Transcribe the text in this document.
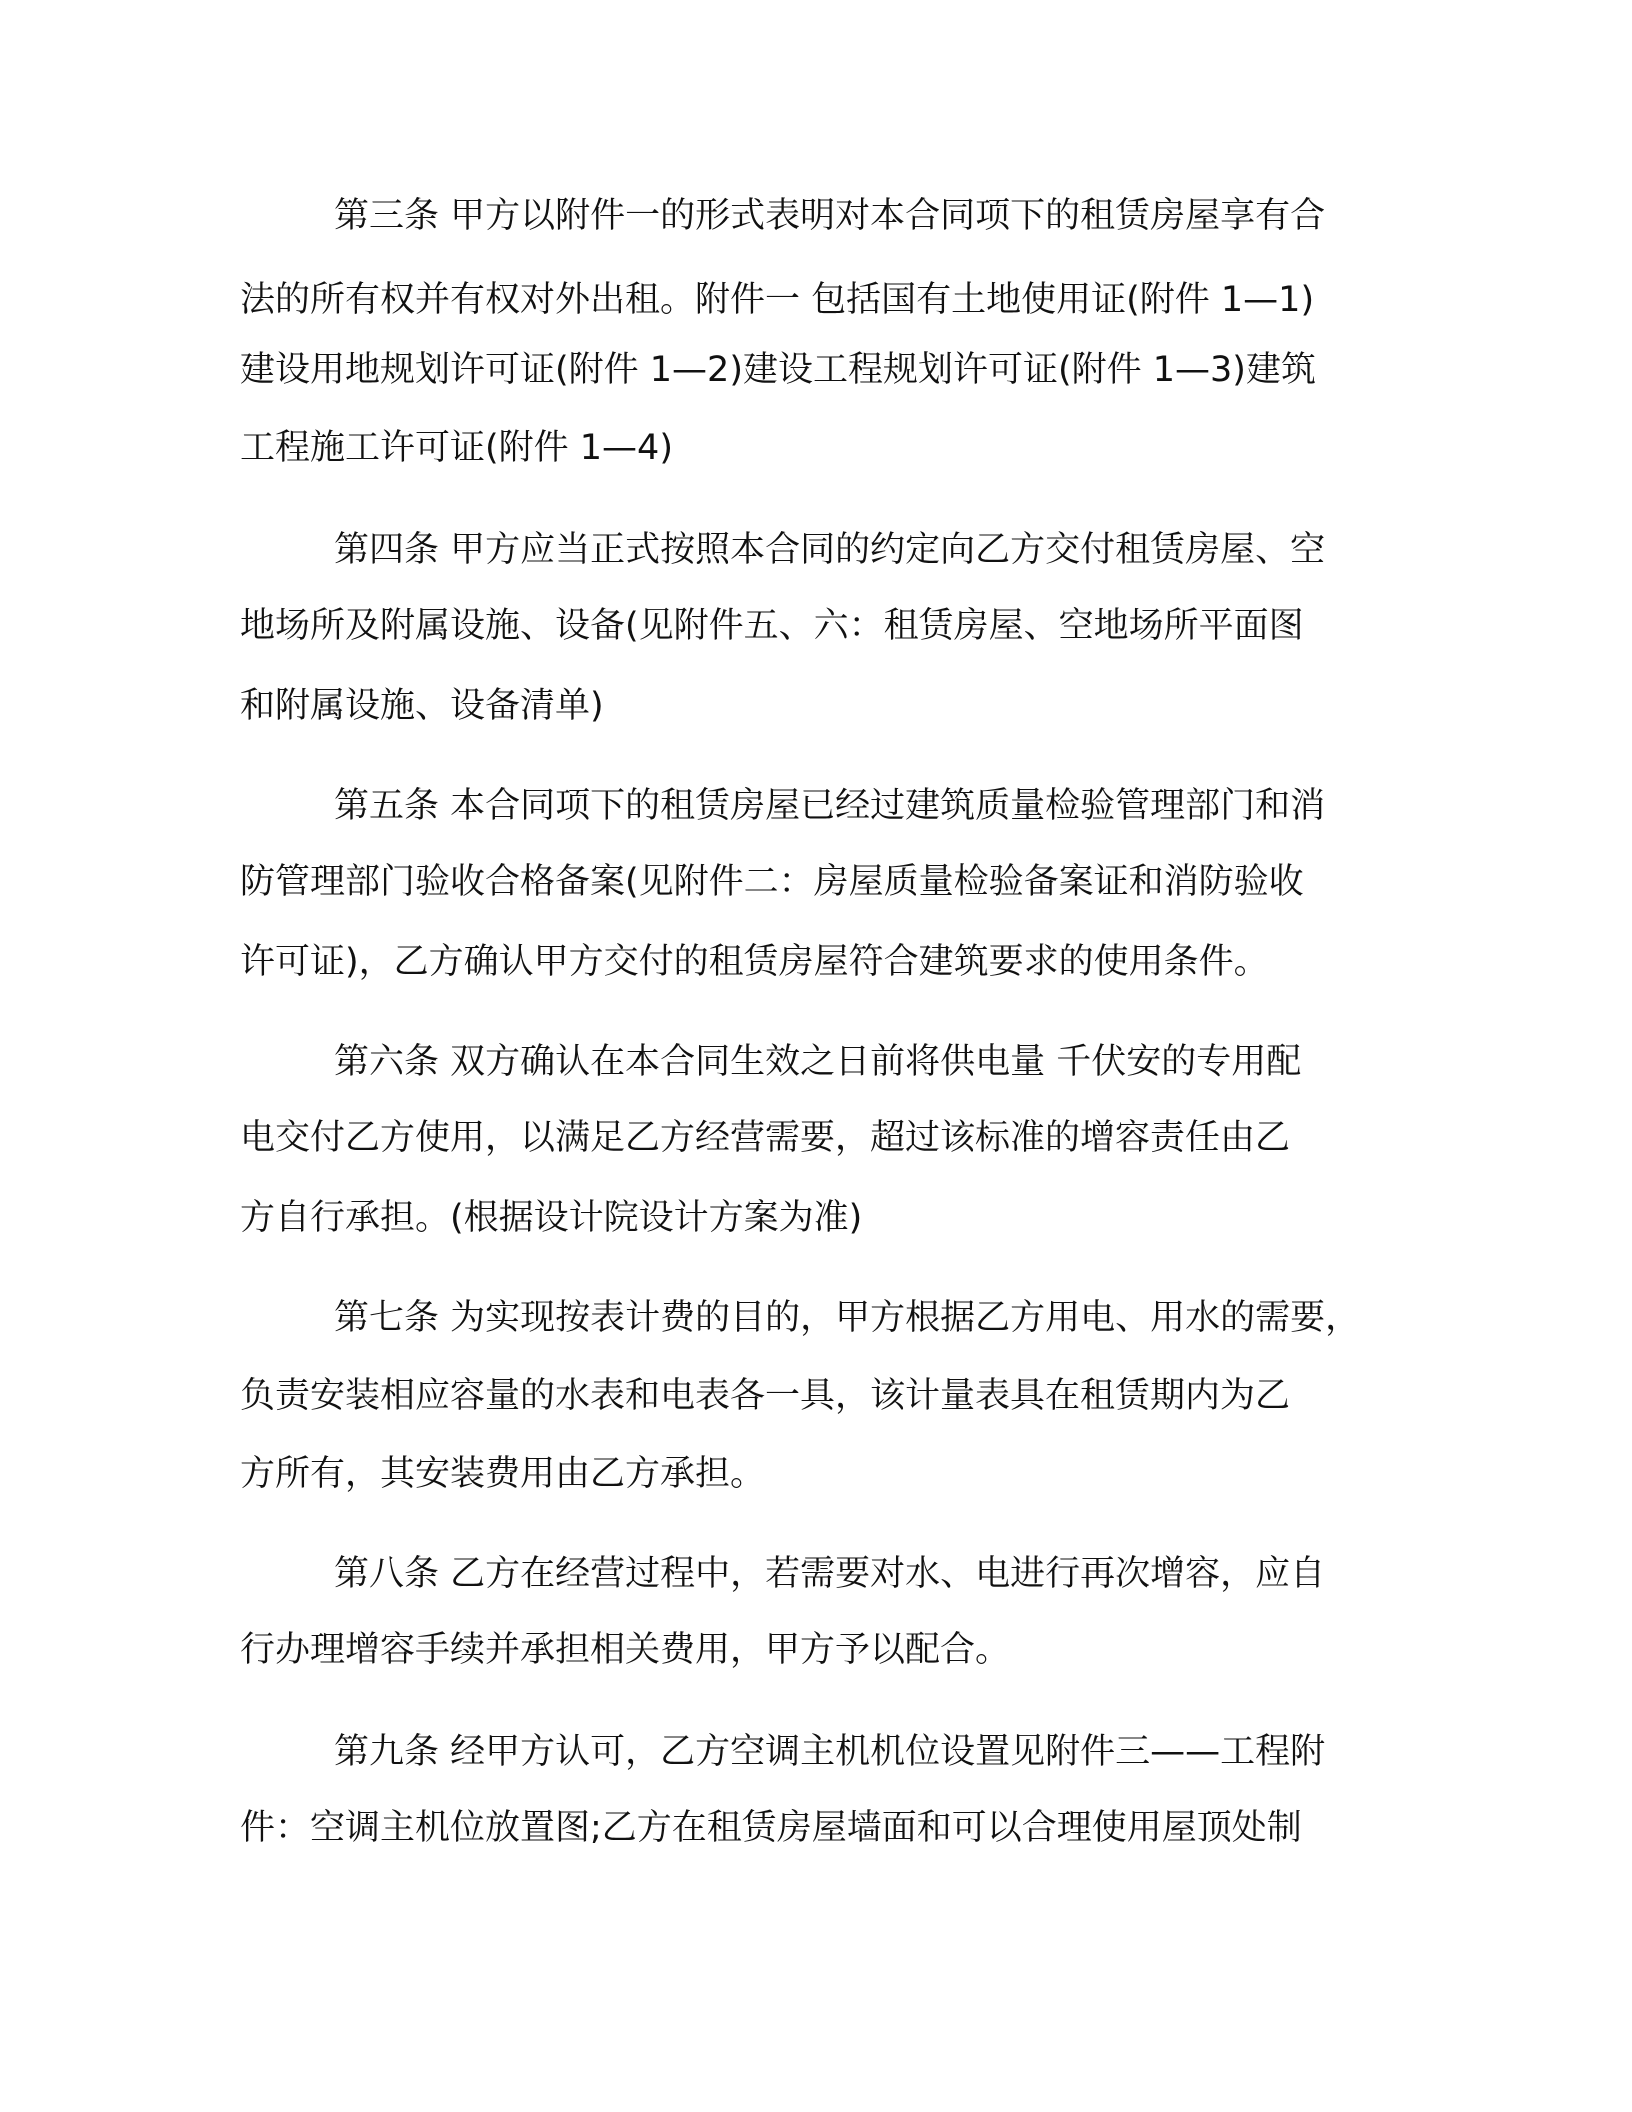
第三条 甲方以附件一的形式表明对本合同项下的租赁房屋享有合

法的所有权并有权对外出租。附件一 包括国有土地使用证(附件 1—1)

建设用地规划许可证(附件 1—2)建设工程规划许可证(附件 1—3)建筑

工程施工许可证(附件 1—4)

第四条 甲方应当正式按照本合同的约定向乙方交付租赁房屋、空

地场所及附属设施、设备(见附件五、六：租赁房屋、空地场所平面图

和附属设施、设备清单)

第五条 本合同项下的租赁房屋已经过建筑质量检验管理部门和消

防管理部门验收合格备案(见附件二：房屋质量检验备案证和消防验收

许可证)，乙方确认甲方交付的租赁房屋符合建筑要求的使用条件。

第六条 双方确认在本合同生效之日前将供电量 千伏安的专用配

电交付乙方使用，以满足乙方经营需要，超过该标准的增容责任由乙

方自行承担。(根据设计院设计方案为准)

第七条 为实现按表计费的目的，甲方根据乙方用电、用水的需要，

负责安装相应容量的水表和电表各一具，该计量表具在租赁期内为乙

方所有，其安装费用由乙方承担。

第八条 乙方在经营过程中，若需要对水、电进行再次增容，应自

行办理增容手续并承担相关费用，甲方予以配合。

第九条 经甲方认可，乙方空调主机机位设置见附件三——工程附

件：空调主机位放置图;乙方在租赁房屋墙面和可以合理使用屋顶处制
